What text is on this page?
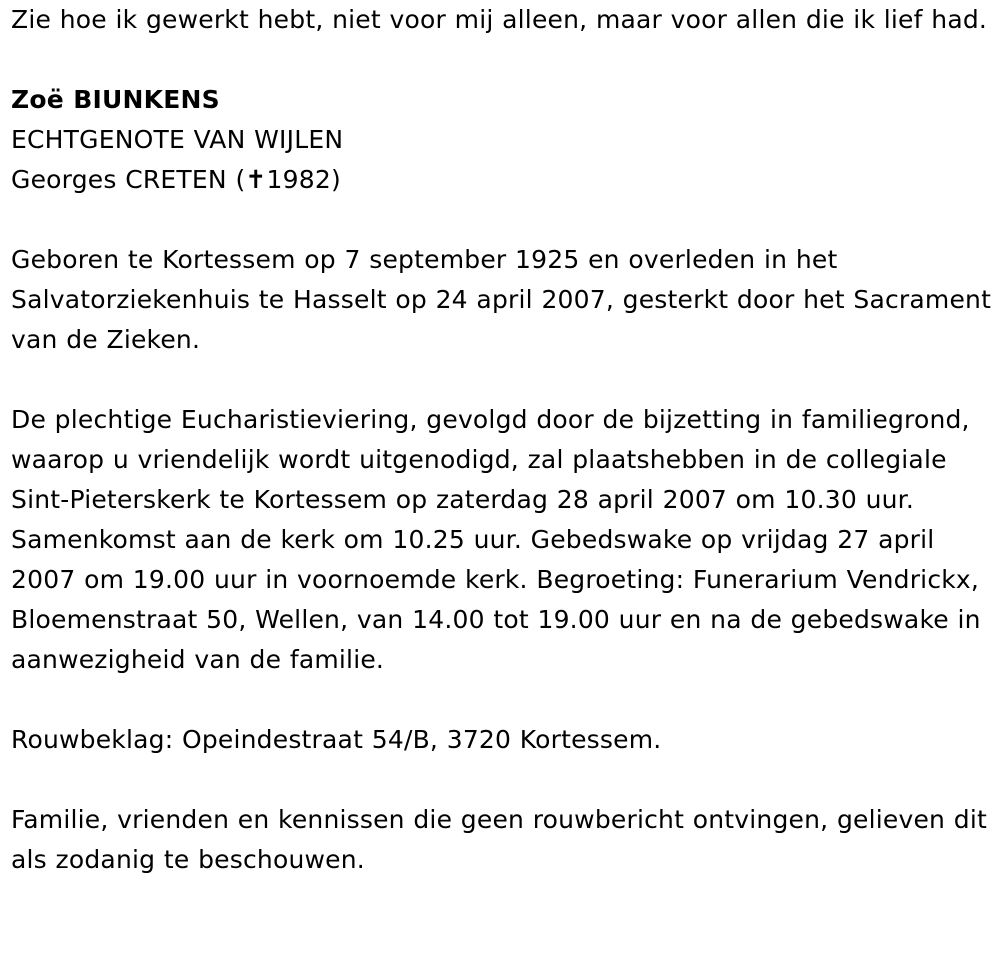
Zie hoe ik gewerkt hebt, niet voor mij alleen, maar voor allen die ik lief had.

Zoë BIUNKENS

ECHTGENOTE VAN WIJLEN

Georges CRETEN (✝1982)

Geboren te Kortessem op 7 september 1925 en overleden in het Salvatorziekenhuis te Hasselt op 24 april 2007, gesterkt door het Sacrament van de Zieken.

De plechtige Eucharistieviering, gevolgd door de bijzetting in familiegrond, waarop u vriendelijk wordt uitgenodigd, zal plaatshebben in de collegiale Sint-Pieterskerk te Kortessem op zaterdag 28 april 2007 om 10.30 uur. Samenkomst aan de kerk om 10.25 uur. Gebedswake op vrijdag 27 april 2007 om 19.00 uur in voornoemde kerk. Begroeting: Funerarium Vendrickx, Bloemenstraat 50, Wellen, van 14.00 tot 19.00 uur en na de gebedswake in aanwezigheid van de familie.

Rouwbeklag: Opeindestraat 54/B, 3720 Kortessem.

Familie, vrienden en kennissen die geen rouwbericht ontvingen, gelieven dit als zodanig te beschouwen.
